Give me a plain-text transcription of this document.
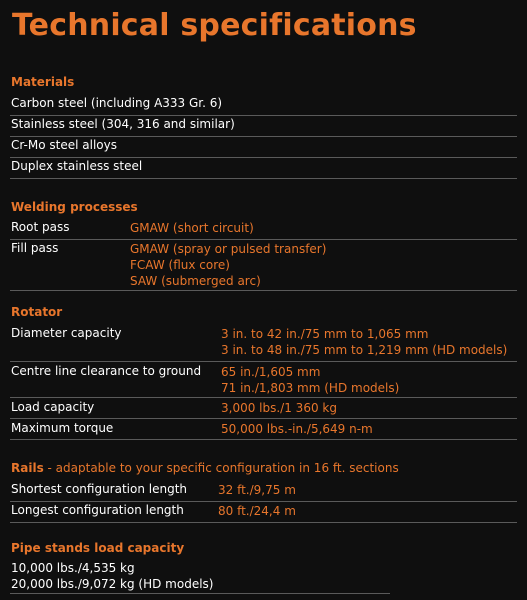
Technical specifications
Materials
Carbon steel (including A333 Gr. 6)
Stainless steel (304, 316 and similar)
Cr-Mo steel alloys
Duplex stainless steel
Welding processes
Root pass	GMAW (short circuit)
Fill pass	GMAW (spray or pulsed transfer)
FCAW (flux core)
SAW (submerged arc)
Rotator
Diameter capacity	3 in. to 42 in./75 mm to 1,065 mm
3 in. to 48 in./75 mm to 1,219 mm (HD models)
Centre line clearance to ground 65 in./1,605 mm
71 in./1,803 mm (HD models)
Load capacity	3,000 lbs./1 360 kg
Maximum torque	50,000 lbs.-in./5,649 n-m
Rails - adaptable to your specific configuration in 16 ft. sections
Shortest configuration length	32 ft./9,75 m
Longest configuration length	80 ft./24,4 m
Pipe stands load capacity
10,000 lbs./4,535 kg
20,000 lbs./9,072 kg (HD models)
